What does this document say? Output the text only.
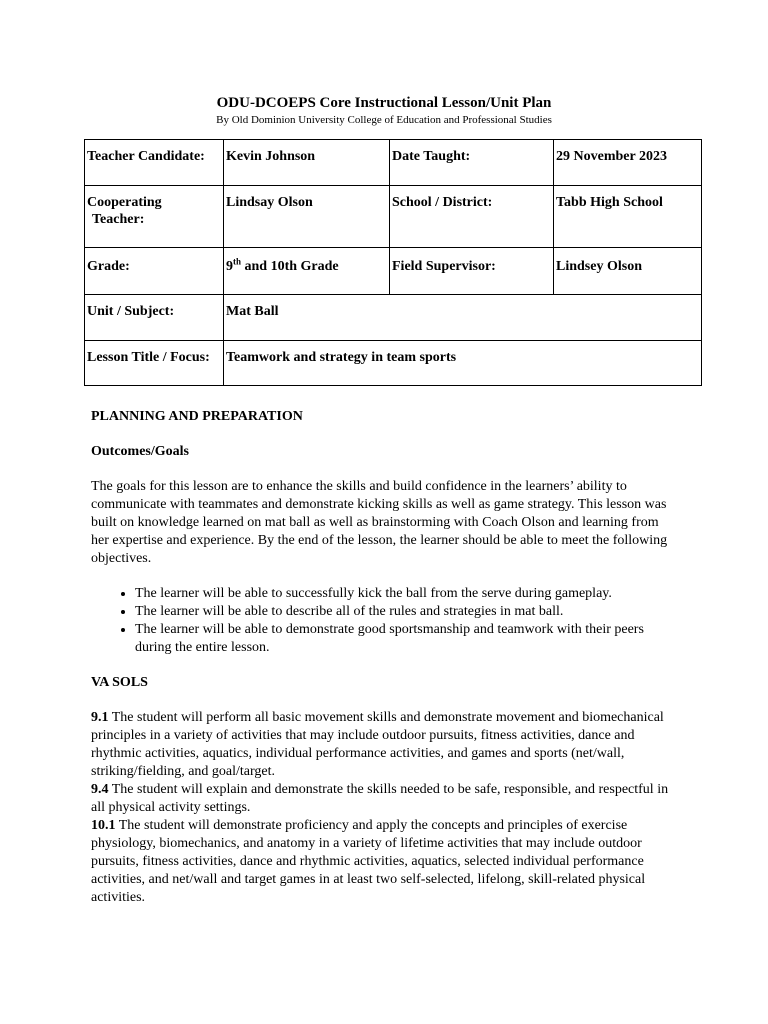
ODU-DCOEPS Core Instructional Lesson/Unit Plan
By Old Dominion University College of Education and Professional Studies
Teacher Candidate:	Kevin Johnson	Date Taught:	29 November 2023

Cooperating
Teacher:	Lindsay Olson	School / District:	Tabb High School
Grade:	9th and 10th Grade	Field Supervisor:	Lindsey Olson
Unit / Subject:	Mat Ball		
Lesson Title / Focus:	Teamwork and strategy in team sports		
PLANNING AND PREPARATION
Outcomes/Goals

The goals for this lesson are to enhance the skills and build confidence in the learners’ ability to communicate with teammates and demonstrate kicking skills as well as game strategy. This lesson was built on knowledge learned on mat ball as well as brainstorming with Coach Olson and learning from her expertise and experience. By the end of the lesson, the learner should be able to meet the following objectives.

• The learner will be able to successfully kick the ball from the serve during gameplay.
• The learner will be able to describe all of the rules and strategies in mat ball.
• The learner will be able to demonstrate good sportsmanship and teamwork with their peers during the entire lesson.
VA SOLS

9.1 The student will perform all basic movement skills and demonstrate movement and biomechanical principles in a variety of activities that may include outdoor pursuits, fitness activities, dance and rhythmic activities, aquatics, individual performance activities, and games and sports (net/wall, striking/fielding, and goal/target.

9.4 The student will explain and demonstrate the skills needed to be safe, responsible, and respectful in all physical activity settings.

10.1 The student will demonstrate proficiency and apply the concepts and principles of exercise physiology, biomechanics, and anatomy in a variety of lifetime activities that may include outdoor pursuits, fitness activities, dance and rhythmic activities, aquatics, selected individual performance activities, and net/wall and target games in at least two self-selected, lifelong, skill-related physical activities.
